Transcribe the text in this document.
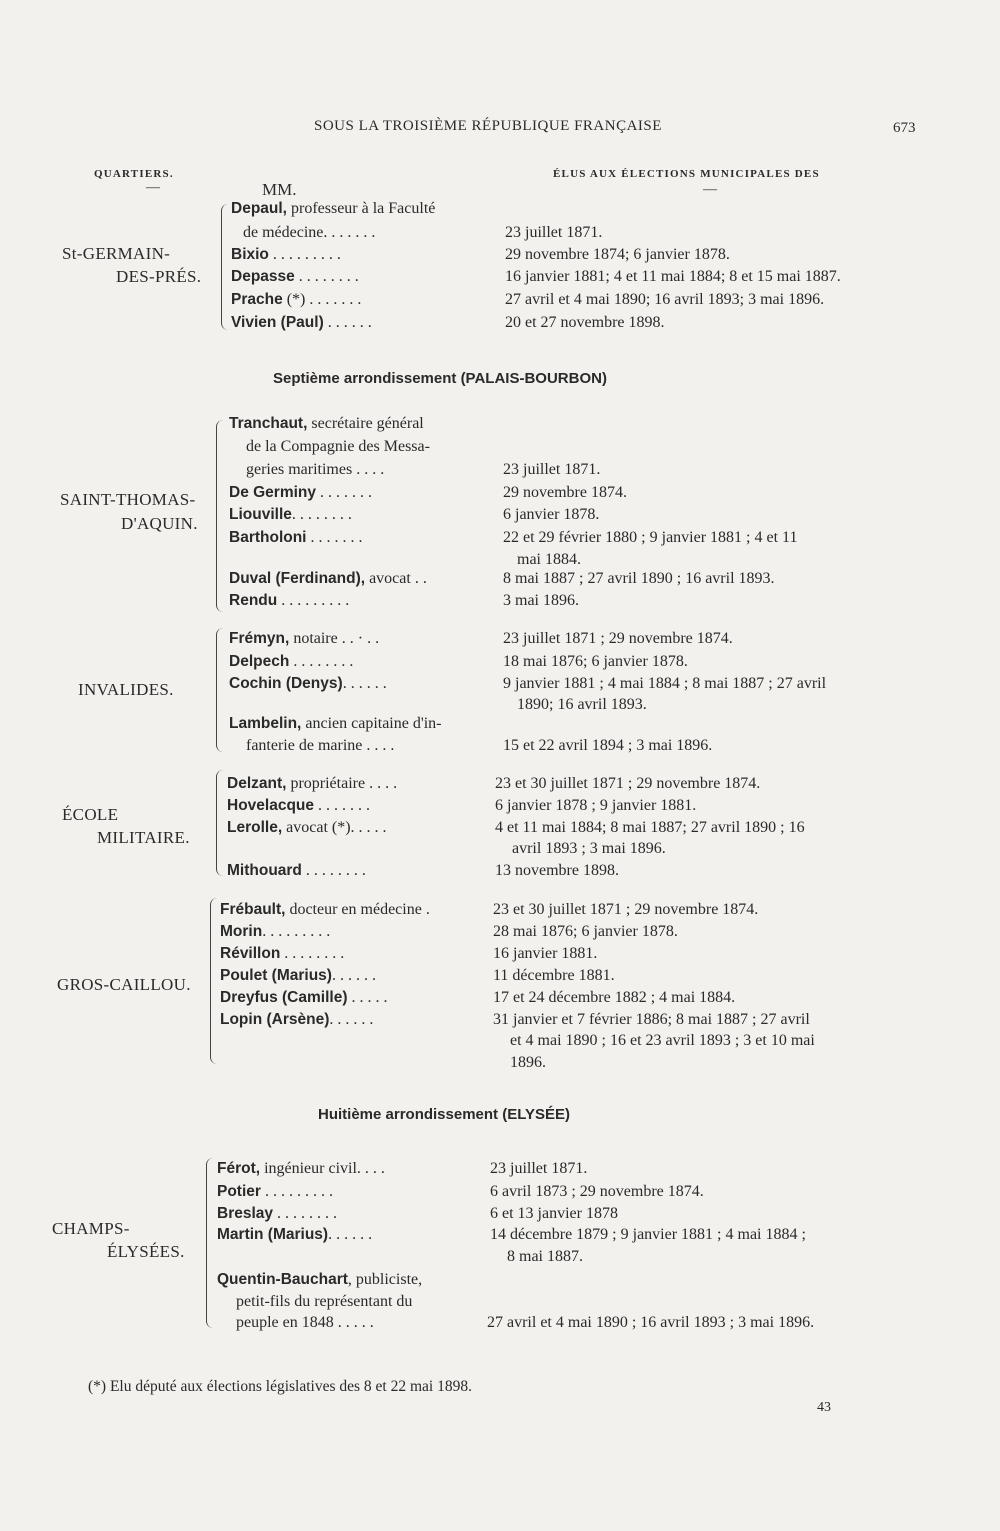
SOUS LA TROISIÈME RÉPUBLIQUE FRANÇAISE	673
QUARTIERS.
—	MM.
ÉLUS AUX ÉLECTIONS MUNICIPALES DES
—
St-GERMAIN-
DES-PRÉS.
Septième arrondissement (PALAIS-BOURBON)
SAINT-THOMAS-
D'AQUIN.
INVALIDES.
ÉCOLE
MILITAIRE.
GROS-CAILLOU.
Huitième arrondissement (ELYSÉE)
CHAMPS-
ÉLYSÉES.
Depaul, professeur à la Faculté
de médecine. . . . . . .	23 juillet 1871.
Bixio . . . . . . . . .	29 novembre 1874; 6 janvier 1878.
Depasse . . . . . . . .	16 janvier 1881; 4 et 11 mai 1884; 8 et 15 mai 1887.
Prache (*) . . . . . . .	27 avril et 4 mai 1890; 16 avril 1893; 3 mai 1896.
Vivien (Paul) . . . . . .	20 et 27 novembre 1898.
Tranchaut, secrétaire général
de la Compagnie des Messa-
geries maritimes . . . .	23 juillet 1871.
De Germiny . . . . . . .	29 novembre 1874.
Liouville. . . . . . . .	6 janvier 1878.
Bartholoni . . . . . . .	22 et 29 février 1880 ; 9 janvier 1881 ; 4 et 11
mai 1884.
Duval (Ferdinand), avocat . .	8 mai 1887 ; 27 avril 1890 ; 16 avril 1893.
Rendu . . . . . . . . .	3 mai 1896.
Frémyn, notaire . . · . .	23 juillet 1871 ; 29 novembre 1874.
Delpech . . . . . . . .	18 mai 1876; 6 janvier 1878.
Cochin (Denys). . . . . .	9 janvier 1881 ; 4 mai 1884 ; 8 mai 1887 ; 27 avril
1890; 16 avril 1893.
Lambelin, ancien capitaine d'in-
fanterie de marine . . . .	15 et 22 avril 1894 ; 3 mai 1896.
Delzant, propriétaire . . . .	23 et 30 juillet 1871 ; 29 novembre 1874.
Hovelacque . . . . . . .	6 janvier 1878 ; 9 janvier 1881.
Lerolle, avocat (*). . . . .	4 et 11 mai 1884; 8 mai 1887; 27 avril 1890 ; 16
avril 1893 ; 3 mai 1896.
Mithouard . . . . . . . .	13 novembre 1898.
Frébault, docteur en médecine .	23 et 30 juillet 1871 ; 29 novembre 1874.
Morin. . . . . . . . .	28 mai 1876; 6 janvier 1878.
Révillon . . . . . . . .	16 janvier 1881.
Poulet (Marius). . . . . .	11 décembre 1881.
Dreyfus (Camille) . . . . .	17 et 24 décembre 1882 ; 4 mai 1884.
Lopin (Arsène). . . . . .	31 janvier et 7 février 1886; 8 mai 1887 ; 27 avril
et 4 mai 1890 ; 16 et 23 avril 1893 ; 3 et 10 mai
1896.
Férot, ingénieur civil. . . .	23 juillet 1871.
Potier . . . . . . . . .	6 avril 1873 ; 29 novembre 1874.
Breslay . . . . . . . .	6 et 13 janvier 1878
Martin (Marius). . . . . .	14 décembre 1879 ; 9 janvier 1881 ; 4 mai 1884 ;
8 mai 1887.
Quentin-Bauchart, publiciste,
petit-fils du représentant du
peuple en 1848 . . . . .	27 avril et 4 mai 1890 ; 16 avril 1893 ; 3 mai 1896.
(*) Elu député aux élections législatives des 8 et 22 mai 1898.
43
